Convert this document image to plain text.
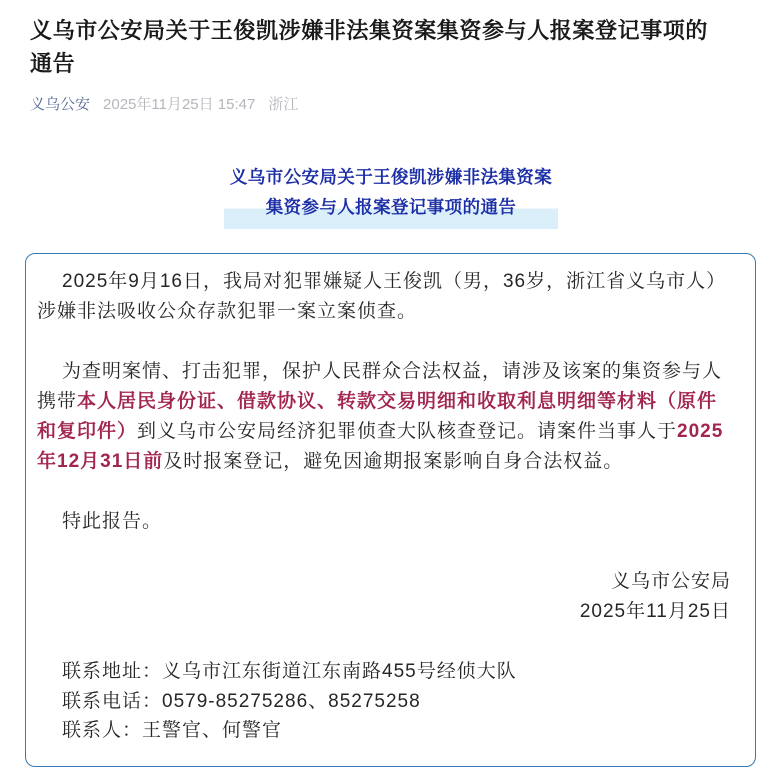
义乌市公安局关于王俊凯涉嫌非法集资案集资参与人报案登记事项的通告
义乌公安 2025年11月25日 15:47 浙江
义乌市公安局关于王俊凯涉嫌非法集资案
集资参与人报案登记事项的通告

2025年9月16日，我局对犯罪嫌疑人王俊凯（男，36岁，浙江省义乌市人）涉嫌非法吸收公众存款犯罪一案立案侦查。

为查明案情、打击犯罪，保护人民群众合法权益，请涉及该案的集资参与人携带本人居民身份证、借款协议、转款交易明细和收取利息明细等材料（原件和复印件）到义乌市公安局经济犯罪侦查大队核查登记。请案件当事人于2025年12月31日前及时报案登记，避免因逾期报案影响自身合法权益。

特此报告。

义乌市公安局
2025年11月25日
联系地址：义乌市江东街道江东南路455号经侦大队
联系电话：0579-85275286、85275258
联系人：王警官、何警官
